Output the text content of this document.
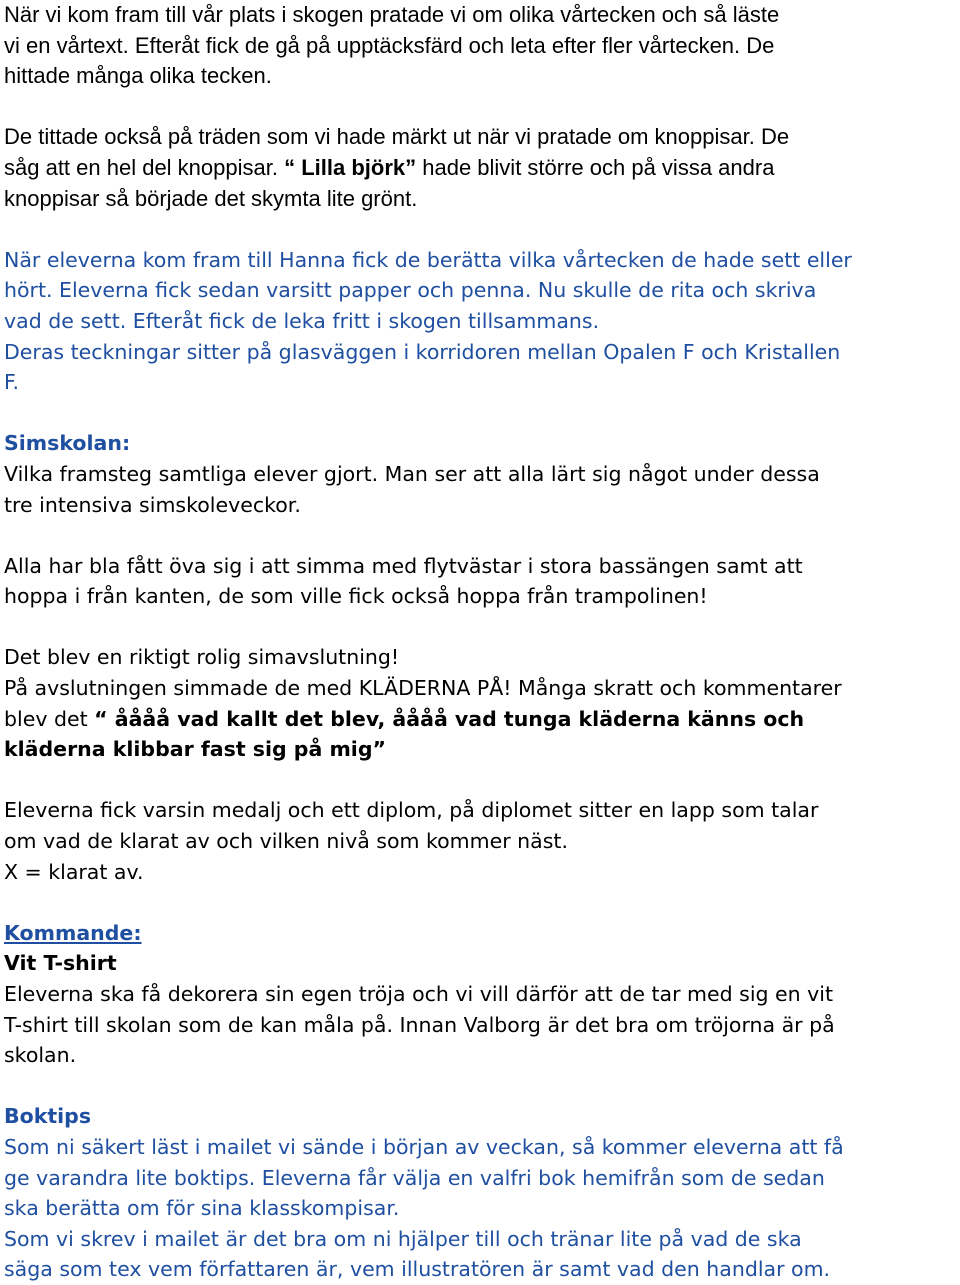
När vi kom fram till vår plats i skogen pratade vi om olika vårtecken och så läste
vi en vårtext. Efteråt fick de gå på upptäcksfärd och leta efter fler vårtecken. De
hittade många olika tecken.
De tittade också på träden som vi hade märkt ut när vi pratade om knoppisar. De
såg att en hel del knoppisar. “ Lilla björk” hade blivit större och på vissa andra
knoppisar så började det skymta lite grönt.
När eleverna kom fram till Hanna fick de berätta vilka vårtecken de hade sett eller
hört. Eleverna fick sedan varsitt papper och penna. Nu skulle de rita och skriva
vad de sett. Efteråt fick de leka fritt i skogen tillsammans.
Deras teckningar sitter på glasväggen i korridoren mellan Opalen F och Kristallen
F.
Simskolan:
Vilka framsteg samtliga elever gjort. Man ser att alla lärt sig något under dessa
tre intensiva simskoleveckor.
Alla har bla fått öva sig i att simma med flytvästar i stora bassängen samt att
hoppa i från kanten, de som ville fick också hoppa från trampolinen!
Det blev en riktigt rolig simavslutning!
På avslutningen simmade de med KLÄDERNA PÅ! Många skratt och kommentarer
blev det “ åååå vad kallt det blev, åååå vad tunga kläderna känns och
kläderna klibbar fast sig på mig”
Eleverna fick varsin medalj och ett diplom, på diplomet sitter en lapp som talar
om vad de klarat av och vilken nivå som kommer näst.
X = klarat av.
Kommande:
Vit T-shirt
Eleverna ska få dekorera sin egen tröja och vi vill därför att de tar med sig en vit
T-shirt till skolan som de kan måla på. Innan Valborg är det bra om tröjorna är på
skolan.
Boktips
Som ni säkert läst i mailet vi sände i början av veckan, så kommer eleverna att få
ge varandra lite boktips. Eleverna får välja en valfri bok hemifrån som de sedan
ska berätta om för sina klasskompisar.
Som vi skrev i mailet är det bra om ni hjälper till och tränar lite på vad de ska
säga som tex vem författaren är, vem illustratören är samt vad den handlar om.
